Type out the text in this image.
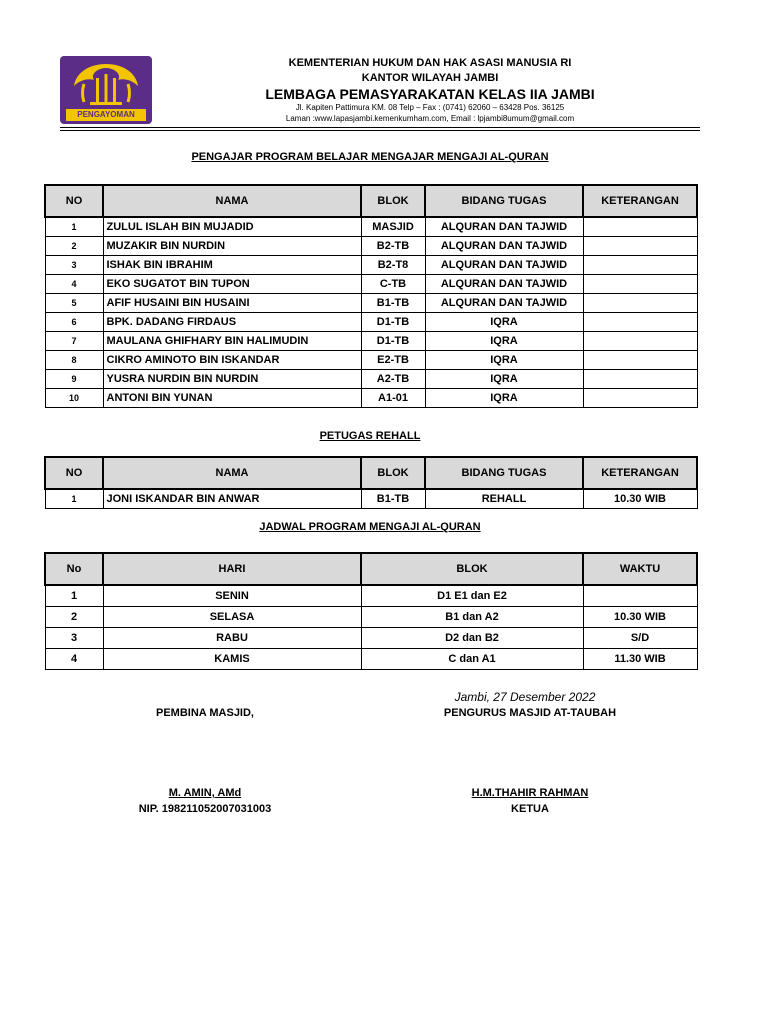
PENGAYOMAN
KEMENTERIAN HUKUM DAN HAK ASASI MANUSIA RI
KANTOR WILAYAH JAMBI
LEMBAGA PEMASYARAKATAN KELAS IIA JAMBI
Jl. Kapiten Pattimura KM. 08 Telp – Fax : (0741) 62060 – 63428 Pos. 36125
Laman :www.lapasjambi.kemenkumham.com, Email : lpjambi8umum@gmail.com
PENGAJAR PROGRAM BELAJAR MENGAJAR MENGAJI AL-QURAN
NO	NAMA	BLOK	BIDANG TUGAS	KETERANGAN
1	ZULUL ISLAH BIN MUJADID	MASJID	ALQURAN DAN TAJWID	
2	MUZAKIR BIN NURDIN	B2-TB	ALQURAN DAN TAJWID	
3	ISHAK BIN IBRAHIM	B2-T8	ALQURAN DAN TAJWID	
4	EKO SUGATOT BIN TUPON	C-TB	ALQURAN DAN TAJWID	
5	AFIF HUSAINI BIN HUSAINI	B1-TB	ALQURAN DAN TAJWID	
6	BPK. DADANG FIRDAUS	D1-TB	IQRA	
7	MAULANA GHIFHARY BIN HALIMUDIN	D1-TB	IQRA	
8	CIKRO AMINOTO BIN ISKANDAR	E2-TB	IQRA	
9	YUSRA NURDIN BIN NURDIN	A2-TB	IQRA	
10	ANTONI BIN YUNAN	A1-01	IQRA	
PETUGAS REHALL
NO	NAMA	BLOK	BIDANG TUGAS	KETERANGAN
1	JONI ISKANDAR BIN ANWAR	B1-TB	REHALL	10.30 WIB
JADWAL PROGRAM MENGAJI AL-QURAN
No	HARI	BLOK	WAKTU
1	SENIN	D1 E1 dan E2	
2	SELASA	B1 dan A2	10.30 WIB
3	RABU	D2 dan B2	S/D
4	KAMIS	C dan A1	11.30 WIB
Jambi, 27 Desember 2022
PEMBINA MASJID,	PENGURUS MASJID AT-TAUBAH
M. AMIN, AMd
NIP. 198211052007031003
H.M.THAHIR RAHMAN
KETUA
